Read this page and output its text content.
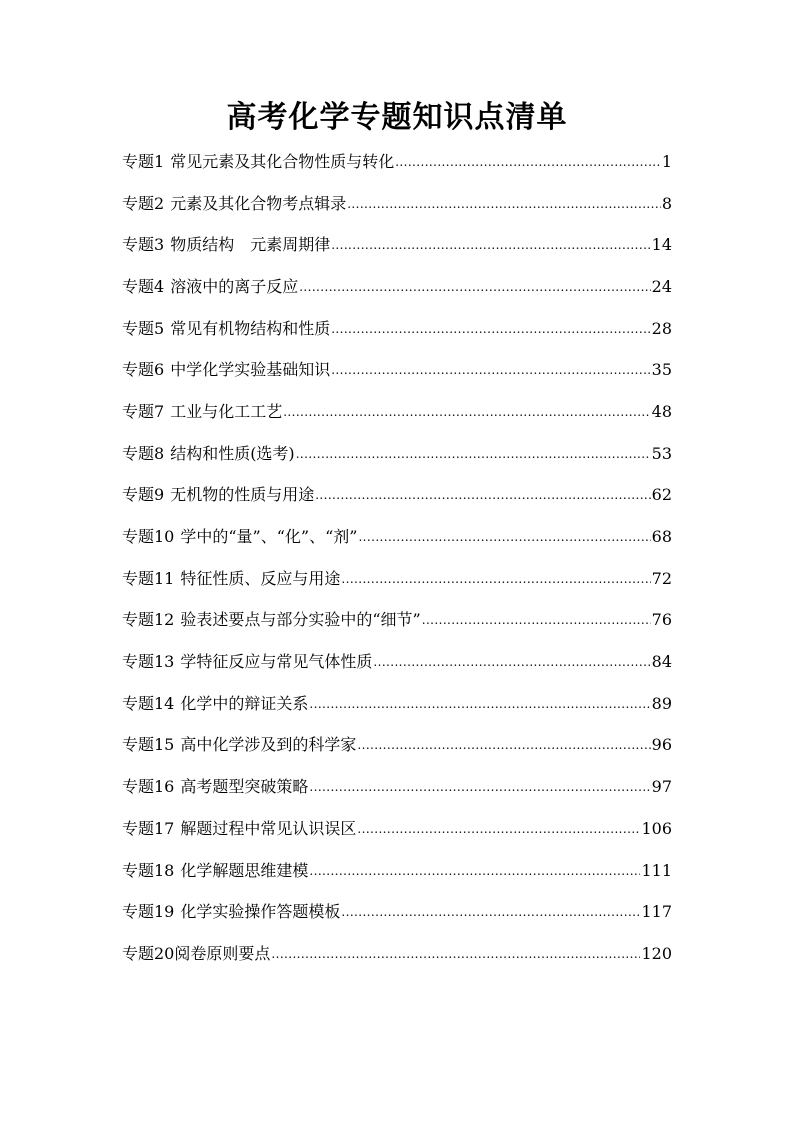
高考化学专题知识点清单
专题1 常见元素及其化合物性质与转化 .....	1
专题2 元素及其化合物考点辑录 .....	8
专题3 物质结构　元素周期律 .....	14
专题4 溶液中的离子反应 .....	24
专题5 常见有机物结构和性质 .....	28
专题6 中学化学实验基础知识 .....	35
专题7 工业与化工工艺 .....	48
专题8 结构和性质(选考) .....	53
专题9 无机物的性质与用途 .....	62
专题10 学中的“量”、“化”、“剂” .....	68
专题11 特征性质、反应与用途 .....	72
专题12 验表述要点与部分实验中的“细节” .....	76
专题13 学特征反应与常见气体性质 .....	84
专题14 化学中的辩证关系 .....	89
专题15 高中化学涉及到的科学家 .....	96
专题16 高考题型突破策略 .....	97
专题17 解题过程中常见认识误区 .....	106
专题18 化学解题思维建模 .....	111
专题19 化学实验操作答题模板 .....	117
专题20 阅卷原则要点 .....	120
